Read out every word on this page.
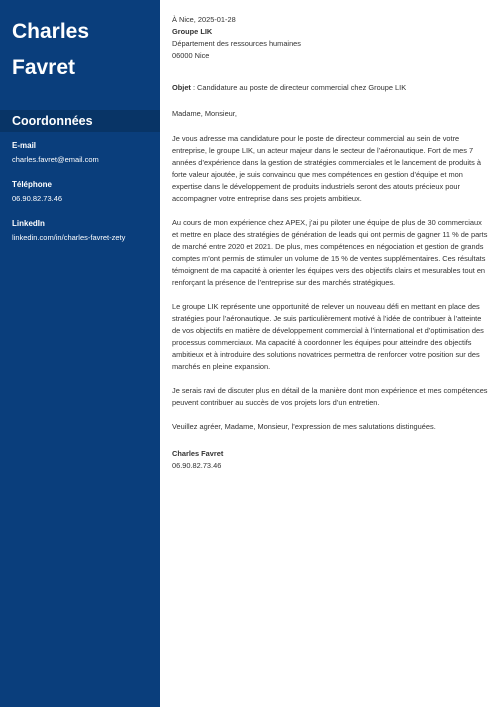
Charles
Favret
Coordonnées
E-mail
charles.favret@email.com
Téléphone
06.90.82.73.46
LinkedIn
linkedin.com/in/charles-favret-zety

À Nice, 2025-01-28

Groupe LIK

Département des ressources humaines

06000 Nice

Objet : Candidature au poste de directeur commercial chez Groupe LIK

Madame, Monsieur,

Je vous adresse ma candidature pour le poste de directeur commercial au sein de votre entreprise, le groupe LIK, un acteur majeur dans le secteur de l’aéronautique. Fort de mes 7 années d’expérience dans la gestion de stratégies commerciales et le lancement de produits à forte valeur ajoutée, je suis convaincu que mes compétences en gestion d’équipe et mon expertise dans le développement de produits industriels seront des atouts précieux pour accompagner votre entreprise dans ses projets ambitieux.

Au cours de mon expérience chez APEX, j’ai pu piloter une équipe de plus de 30 commerciaux et mettre en place des stratégies de génération de leads qui ont permis de gagner 11 % de parts de marché entre 2020 et 2021. De plus, mes compétences en négociation et gestion de grands comptes m’ont permis de stimuler un volume de 15 % de ventes supplémentaires. Ces résultats témoignent de ma capacité à orienter les équipes vers des objectifs clairs et mesurables tout en renforçant la présence de l’entreprise sur des marchés stratégiques.

Le groupe LIK représente une opportunité de relever un nouveau défi en mettant en place des stratégies pour l’aéronautique. Je suis particulièrement motivé à l’idée de contribuer à l’atteinte de vos objectifs en matière de développement commercial à l’international et d’optimisation des processus commerciaux. Ma capacité à coordonner les équipes pour atteindre des objectifs ambitieux et à introduire des solutions novatrices permettra de renforcer votre position sur des marchés en pleine expansion.

Je serais ravi de discuter plus en détail de la manière dont mon expérience et mes compétences peuvent contribuer au succès de vos projets lors d’un entretien.

Veuillez agréer, Madame, Monsieur, l’expression de mes salutations distinguées.

Charles Favret

06.90.82.73.46
